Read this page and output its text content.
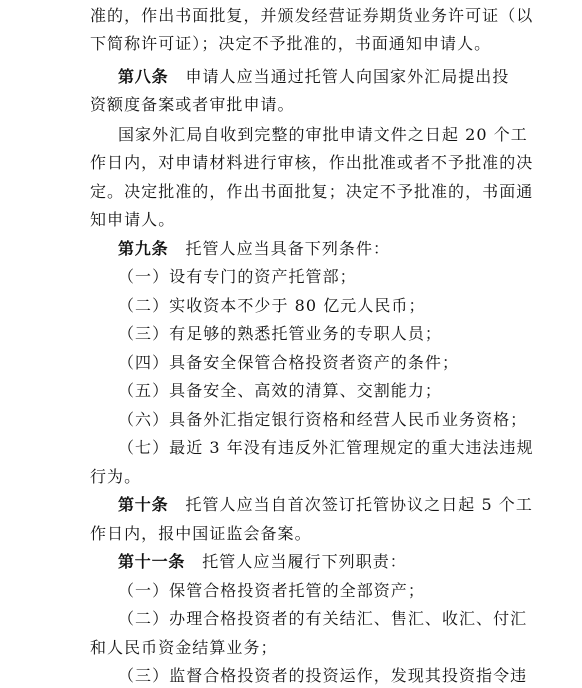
准的，作出书面批复，并颁发经营证券期货业务许可证（以
下简称许可证）；决定不予批准的，书面通知申请人。
第八条　申请人应当通过托管人向国家外汇局提出投
资额度备案或者审批申请。
国家外汇局自收到完整的审批申请文件之日起 20 个工
作日内，对申请材料进行审核，作出批准或者不予批准的决
定。决定批准的，作出书面批复；决定不予批准的，书面通
知申请人。
第九条　托管人应当具备下列条件：
（一）设有专门的资产托管部；
（二）实收资本不少于 80 亿元人民币；
（三）有足够的熟悉托管业务的专职人员；
（四）具备安全保管合格投资者资产的条件；
（五）具备安全、高效的清算、交割能力；
（六）具备外汇指定银行资格和经营人民币业务资格；
（七）最近 3 年没有违反外汇管理规定的重大违法违规
行为。
第十条　托管人应当自首次签订托管协议之日起 5 个工
作日内，报中国证监会备案。
第十一条　托管人应当履行下列职责：
（一）保管合格投资者托管的全部资产；
（二）办理合格投资者的有关结汇、售汇、收汇、付汇
和人民币资金结算业务；
（三）监督合格投资者的投资运作，发现其投资指令违
